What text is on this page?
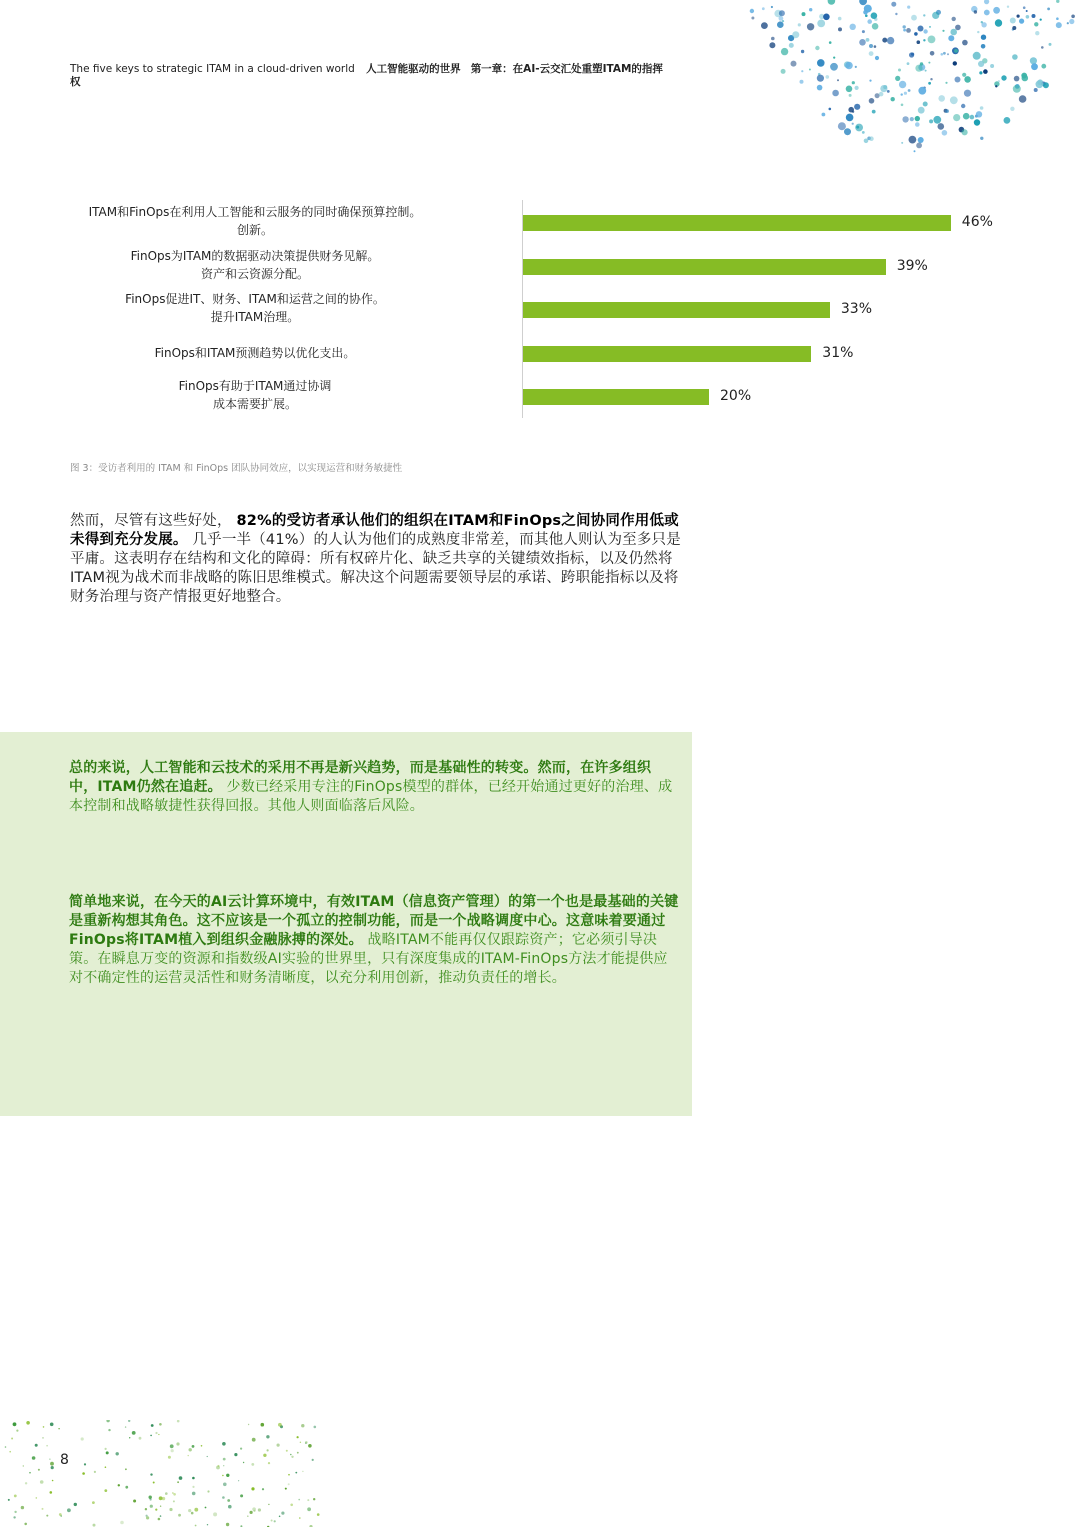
The five keys to strategic ITAM in a cloud-driven world 人工智能驱动的世界 第一章：在AI-云交汇处重塑ITAM的指挥权
ITAM和FinOps在利用人工智能和云服务的同时确保预算控制。
创新。	46%
FinOps为ITAM的数据驱动决策提供财务见解。
资产和云资源分配。	39%
FinOps促进IT、财务、ITAM和运营之间的协作。
提升ITAM治理。	33%
FinOps和ITAM预测趋势以优化支出。	31%
FinOps有助于ITAM通过协调
成本需要扩展。	20%
图 3：受访者利用的 ITAM 和 FinOps 团队协同效应，以实现运营和财务敏捷性
然而，尽管有这些好处， 82%的受访者承认他们的组织在ITAM和FinOps之间协同作用低或未得到充分发展。 几乎一半（41%）的人认为他们的成熟度非常差，而其他人则认为至多只是平庸。这表明存在结构和文化的障碍：所有权碎片化、缺乏共享的关键绩效指标，以及仍然将ITAM视为战术而非战略的陈旧思维模式。解决这个问题需要领导层的承诺、跨职能指标以及将财务治理与资产情报更好地整合。
总的来说，人工智能和云技术的采用不再是新兴趋势，而是基础性的转变。然而，在许多组织中，ITAM仍然在追赶。 少数已经采用专注的FinOps模型的群体，已经开始通过更好的治理、成本控制和战略敏捷性获得回报。其他人则面临落后风险。
简单地来说，在今天的AI云计算环境中，有效ITAM（信息资产管理）的第一个也是最基础的关键是重新构想其角色。这不应该是一个孤立的控制功能，而是一个战略调度中心。这意味着要通过FinOps将ITAM植入到组织金融脉搏的深处。 战略ITAM不能再仅仅跟踪资产；它必须引导决策。在瞬息万变的资源和指数级AI实验的世界里，只有深度集成的ITAM-FinOps方法才能提供应对不确定性的运营灵活性和财务清晰度，以充分利用创新，推动负责任的增长。
8
